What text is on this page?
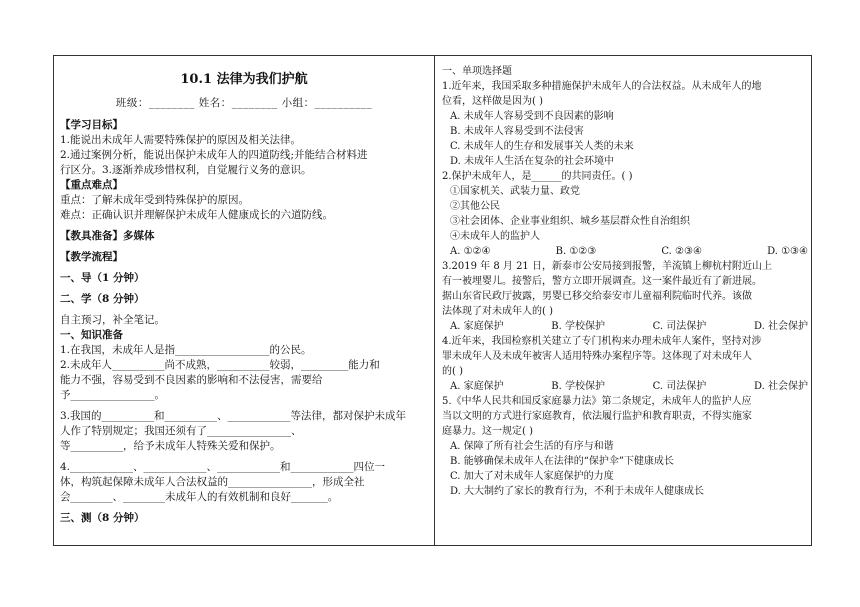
10.1 法律为我们护航
班级：________ 姓名：________ 小组：__________

【学习目标】

1.能说出未成年人需要特殊保护的原因及相关法律。

2.通过案例分析，能说出保护未成年人的四道防线;并能结合材料进

行区分。3.逐渐养成珍惜权利，自觉履行义务的意识。

【重点难点】

重点：了解未成年受到特殊保护的原因。

难点：正确认识并理解保护未成年人健康成长的六道防线。

【教具准备】多媒体

【教学流程】

一、导（1 分钟）

二、学（8 分钟）

自主预习，补全笔记。

一、知识准备

1.在我国，未成年人是指__________________的公民。

2.未成年人__________尚不成熟，__________较弱，_________能力和

能力不强，容易受到不良因素的影响和不法侵害，需要给

予________________。

3.我国的__________和__________、____________等法律，都对保护未成年

人作了特别规定；我国还须有了________________、

等__________，给予未成年人特殊关爱和保护。

4.____________、____________、____________和____________四位一

体，构筑起保障未成年人合法权益的________________，形成全社

会________、________未成年人的有效机制和良好_______。

三、测（8 分钟）

一、单项选择题

1.近年来，我国采取多种措施保护未成年人的合法权益。从未成年人的地

位看，这样做是因为( )

A. 未成年人容易受到不良因素的影响

B. 未成年人容易受到不法侵害

C. 未成年人的生存和发展事关人类的未来

D. 未成年人生活在复杂的社会环境中

2.保护未成年人，是______的共同责任。( )

①国家机关、武装力量、政党

②其他公民

③社会团体、企业事业组织、城乡基层群众性自治组织

④未成年人的监护人

A. ①②④	B. ①②③	C. ②③④	D. ①③④

3.2019 年 8 月 21 日，新泰市公安局接到报警，羊流镇上柳杭村附近山上

有一被埋婴儿。接警后，警方立即开展调查。这一案件最近有了新进展。

据山东省民政厅披露，男婴已移交给泰安市儿童福利院临时代养。该做

法体现了对未成年人的( )

A. 家庭保护	B. 学校保护	C. 司法保护	D. 社会保护

4.近年来，我国检察机关建立了专门机构来办理未成年人案件，坚持对涉

罪未成年人及未成年被害人适用特殊办案程序等。这体现了对未成年人

的( )

A. 家庭保护	B. 学校保护	C. 司法保护	D. 社会保护

5.《中华人民共和国反家庭暴力法》第二条规定，未成年人的监护人应

当以文明的方式进行家庭教育，依法履行监护和教育职责，不得实施家

庭暴力。这一规定( )

A. 保障了所有社会生活的有序与和谐

B. 能够确保未成年人在法律的“保护伞”下健康成长

C. 加大了对未成年人家庭保护的力度

D. 大大制约了家长的教育行为，不利于未成年人健康成长
